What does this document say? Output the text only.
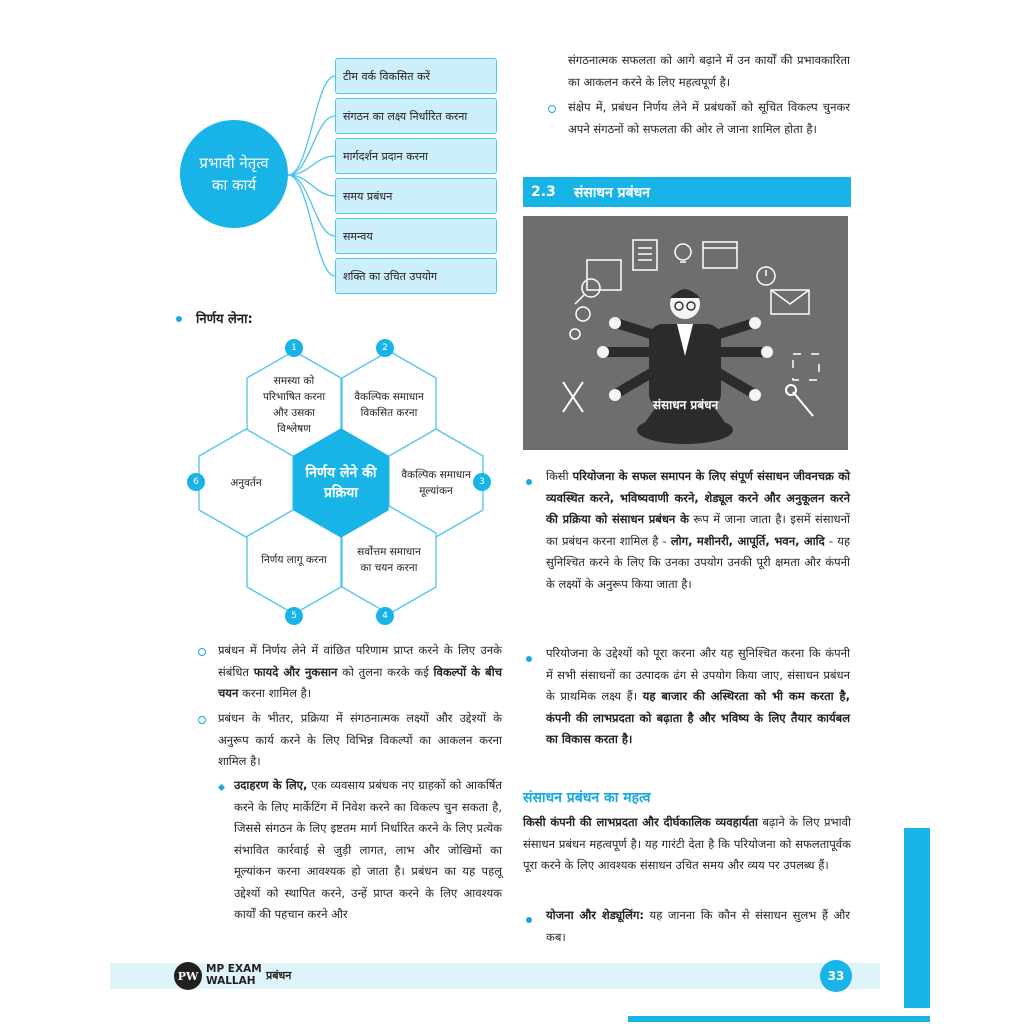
प्रभावी नेतृत्व का कार्य
टीम वर्क विकसित करें
संगठन का लक्ष्य निर्धारित करना
मार्गदर्शन प्रदान करना
समय प्रबंधन
समन्वय
शक्ति का उचित उपयोग
निर्णय लेना:
समस्या को परिभाषित करना और उसका विश्लेषण
वैकल्पिक समाधान विकसित करना
वैकल्पिक समाधान मूल्यांकन
सर्वोत्तम समाधान का चयन करना
निर्णय लागू करना
अनुवर्तन
निर्णय लेने की प्रक्रिया
1	2
3
4
5
6
प्रबंधन में निर्णय लेने में वांछित परिणाम प्राप्त करने के लिए उनके संबंधित फायदे और नुकसान को तुलना करके कई विकल्पों के बीच चयन करना शामिल है।
प्रबंधन के भीतर, प्रक्रिया में संगठनात्मक लक्ष्यों और उद्देश्यों के अनुरूप कार्य करने के लिए विभिन्न विकल्पों का आकलन करना शामिल है।
उदाहरण के लिए, एक व्यवसाय प्रबंधक नए ग्राहकों को आकर्षित करने के लिए मार्केटिंग में निवेश करने का विकल्प चुन सकता है, जिससे संगठन के लिए इष्टतम मार्ग निर्धारित करने के लिए प्रत्येक संभावित कार्रवाई से जुड़ी लागत, लाभ और जोखिमों का मूल्यांकन करना आवश्यक हो जाता है। प्रबंधन का यह पहलू उद्देश्यों को स्थापित करने, उन्हें प्राप्त करने के लिए आवश्यक कार्यों की पहचान करने और
संगठनात्मक सफलता को आगे बढ़ाने में उन कार्यों की प्रभावकारिता का आकलन करने के लिए महत्वपूर्ण है।
संक्षेप में, प्रबंधन निर्णय लेने में प्रबंधकों को सूचित विकल्प चुनकर अपने संगठनों को सफलता की ओर ले जाना शामिल होता है।
2.3 संसाधन प्रबंधन
संसाधन प्रबंधन
किसी परियोजना के सफल समापन के लिए संपूर्ण संसाधन जीवनचक्र को व्यवस्थित करने, भविष्यवाणी करने, शेड्यूल करने और अनुकूलन करने की प्रक्रिया को संसाधन प्रबंधन के रूप में जाना जाता है। इसमें संसाधनों का प्रबंधन करना शामिल है - लोग, मशीनरी, आपूर्ति, भवन, आदि - यह सुनिश्चित करने के लिए कि उनका उपयोग उनकी पूरी क्षमता और कंपनी के लक्ष्यों के अनुरूप किया जाता है।
परियोजना के उद्देश्यों को पूरा करना और यह सुनिश्चित करना कि कंपनी में सभी संसाधनों का उत्पादक ढंग से उपयोग किया जाए, संसाधन प्रबंधन के प्राथमिक लक्ष्य हैं। यह बाजार की अस्थिरता को भी कम करता है, कंपनी की लाभप्रदता को बढ़ाता है और भविष्य के लिए तैयार कार्यबल का विकास करता है।
संसाधन प्रबंधन का महत्व
किसी कंपनी की लाभप्रदता और दीर्घकालिक व्यवहार्यता बढ़ाने के लिए प्रभावी संसाधन प्रबंधन महत्वपूर्ण है। यह गारंटी देता है कि परियोजना को सफलतापूर्वक पूरा करने के लिए आवश्यक संसाधन उचित समय और व्यय पर उपलब्ध हैं।
योजना और शेड्यूलिंग: यह जानना कि कौन से संसाधन सुलभ हैं और कब।
PW
MP EXAM
WALLAH प्रबंधन	33
